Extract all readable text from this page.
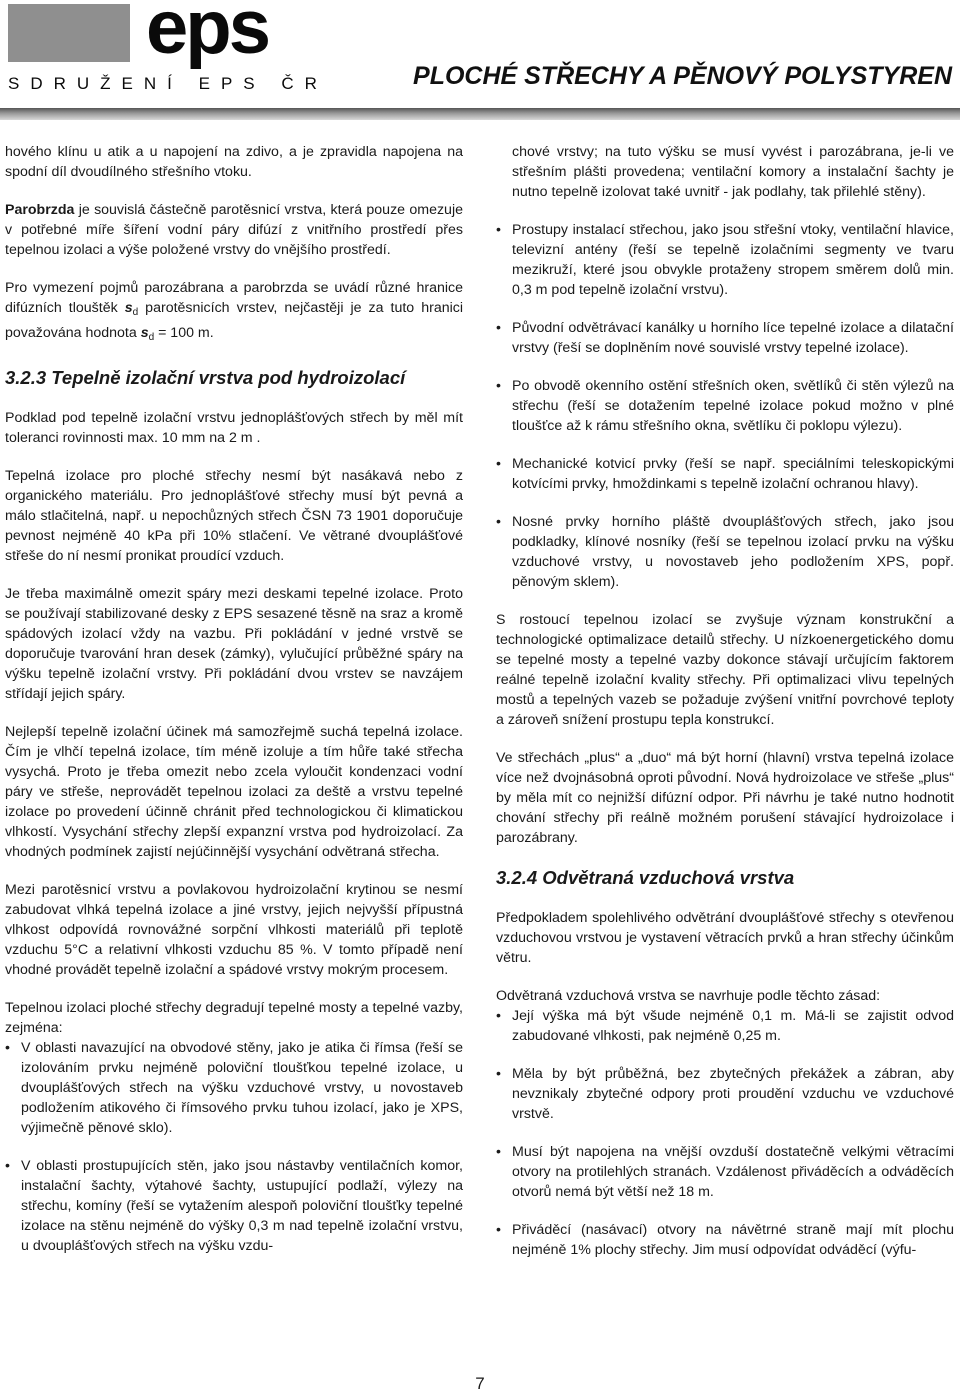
eps
SDRUŽENÍ EPS ČR	PLOCHÉ STŘECHY A PĚNOVÝ POLYSTYREN

hového klínu u atik a u napojení na zdivo, a je zpravidla napojena na spodní díl dvoudílného střešního vtoku.

Parobrzda je souvislá částečně parotěsnicí vrstva, která pouze omezuje v potřebné míře šíření vodní páry difúzí z vnitřního prostředí přes tepelnou izolaci a výše položené vrstvy do vnějšího prostředí.

Pro vymezení pojmů parozábrana a parobrzda se uvádí různé hranice difúzních tlouštěk $s_d$ parotěsnicích vrstev, nejčastěji je za tuto hranici považována hodnota $s_d = 100$ m.

3.2.3 Tepelně izolační vrstva pod hydroizolací

Podklad pod tepelně izolační vrstvu jednoplášťových střech by měl mít toleranci rovinnosti max. 10 mm na 2 m .

Tepelná izolace pro ploché střechy nesmí být nasákavá nebo z organického materiálu. Pro jednoplášťové střechy musí být pevná a málo stlačitelná, např. u nepochůzných střech ČSN 73 1901 doporučuje pevnost nejméně 40 kPa při 10% stlačení. Ve větrané dvouplášťové střeše do ní nesmí pronikat proudící vzduch.

Je třeba maximálně omezit spáry mezi deskami tepelné izolace. Proto se používají stabilizované desky z EPS sesazené těsně na sraz a kromě spádových izolací vždy na vazbu. Při pokládání v jedné vrstvě se doporučuje tvarování hran desek (zámky), vylučující průběžné spáry na výšku tepelně izolační vrstvy. Při pokládání dvou vrstev se navzájem střídají jejich spáry.

Nejlepší tepelně izolační účinek má samozřejmě suchá tepelná izolace. Čím je vlhčí tepelná izolace, tím méně izoluje a tím hůře také střecha vysychá. Proto je třeba omezit nebo zcela vyloučit kondenzaci vodní páry ve střeše, neprovádět tepelnou izolaci za deště a vrstvu tepelné izolace po provedení účinně chránit před technologickou či klimatickou vlhkostí. Vysychání střechy zlepší expanzní vrstva pod hydroizolací. Za vhodných podmínek zajistí nejúčinnější vysychání odvětraná střecha.

Mezi parotěsnicí vrstvu a povlakovou hydroizolační krytinou se nesmí zabudovat vlhká tepelná izolace a jiné vrstvy, jejich nejvyšší přípustná vlhkost odpovídá rovnovážné sorpční vlhkosti materiálů při teplotě vzduchu 5°C a relativní vlhkosti vzduchu 85 %. V tomto případě není vhodné provádět tepelně izolační a spádové vrstvy mokrým procesem.

Tepelnou izolaci ploché střechy degradují tepelné mosty a tepelné vazby, zejména:

• V oblasti navazující na obvodové stěny, jako je atika či římsa (řeší se izolováním prvku nejméně poloviční tloušťkou tepelné izolace, u dvouplášťových střech na výšku vzduchové vrstvy, u novostaveb podložením atikového či římsového prvku tuhou izolací, jako je XPS, výjimečně pěnové sklo).
• V oblasti prostupujících stěn, jako jsou nástavby ventilačních komor, instalační šachty, výtahové šachty, ustupující podlaží, výlezy na střechu, komíny (řeší se vytažením alespoň poloviční tloušťky tepelné izolace na stěnu nejméně do výšky 0,3 m nad tepelně izolační vrstvu, u dvouplášťových střech na výšku vzdu-

chové vrstvy; na tuto výšku se musí vyvést i parozábrana, je-li ve střešním plášti provedena; ventilační komory a instalační šachty je nutno tepelně izolovat také uvnitř - jak podlahy, tak přilehlé stěny).

• Prostupy instalací střechou, jako jsou střešní vtoky, ventilační hlavice, televizní antény (řeší se tepelně izolačními segmenty ve tvaru mezikruží, které jsou obvykle protaženy stropem směrem dolů min. 0,3 m pod tepelně izolační vrstvu).
• Původní odvětrávací kanálky u horního líce tepelné izolace a dilatační vrstvy (řeší se doplněním nové souvislé vrstvy tepelné izolace).
• Po obvodě okenního ostění střešních oken, světlíků či stěn výlezů na střechu (řeší se dotažením tepelné izolace pokud možno v plné tloušťce až k rámu střešního okna, světlíku či poklopu výlezu).
• Mechanické kotvicí prvky (řeší se např. speciálními teleskopickými kotvícími prvky, hmoždinkami s tepelně izolační ochranou hlavy).
• Nosné prvky horního pláště dvouplášťových střech, jako jsou podkladky, klínové nosníky (řeší se tepelnou izolací prvku na výšku vzduchové vrstvy, u novostaveb jeho podložením XPS, popř. pěnovým sklem).

S rostoucí tepelnou izolací se zvyšuje význam konstrukční a technologické optimalizace detailů střechy. U nízkoenergetického domu se tepelné mosty a tepelné vazby dokonce stávají určujícím faktorem reálné tepelně izolační kvality střechy. Při optimalizaci vlivu tepelných mostů a tepelných vazeb se požaduje zvýšení vnitřní povrchové teploty a zároveň snížení prostupu tepla konstrukcí.

Ve střechách „plus“ a „duo“ má být horní (hlavní) vrstva tepelná izolace více než dvojnásobná oproti původní. Nová hydroizolace ve střeše „plus“ by měla mít co nejnižší difúzní odpor. Při návrhu je také nutno hodnotit chování střechy při reálně možném porušení stávající hydroizolace i parozábrany.

3.2.4 Odvětraná vzduchová vrstva

Předpokladem spolehlivého odvětrání dvouplášťové střechy s otevřenou vzduchovou vrstvou je vystavení větracích prvků a hran střechy účinkům větru.

Odvětraná vzduchová vrstva se navrhuje podle těchto zásad:

• Její výška má být všude nejméně 0,1 m. Má-li se zajistit odvod zabudované vlhkosti, pak nejméně 0,25 m.
• Měla by být průběžná, bez zbytečných překážek a zábran, aby nevznikaly zbytečné odpory proti proudění vzduchu ve vzduchové vrstvě.
• Musí být napojena na vnější ovzduší dostatečně velkými větracími otvory na protilehlých stranách. Vzdálenost přiváděcích a odváděcích otvorů nemá být větší než 18 m.
• Přiváděcí (nasávací) otvory na návětrné straně mají mít plochu nejméně 1% plochy střechy. Jim musí odpovídat odváděcí (výfu-
7
